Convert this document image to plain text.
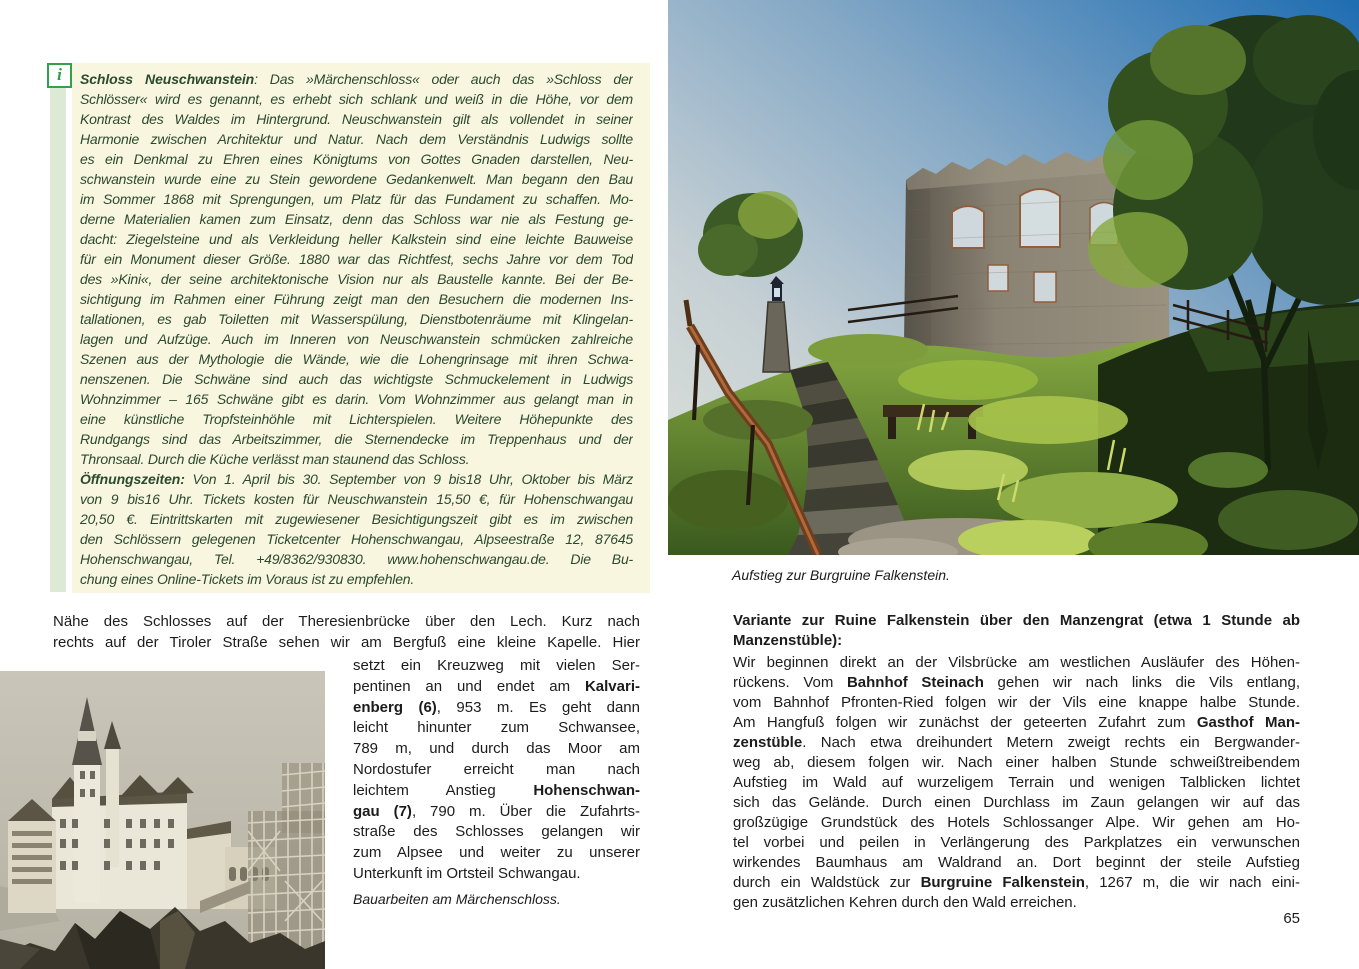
i	Schloss Neuschwanstein: Das »Märchenschloss« oder auch das »Schloss der
Schlösser« wird es genannt, es erhebt sich schlank und weiß in die Höhe, vor dem
Kontrast des Waldes im Hintergrund. Neuschwanstein gilt als vollendet in seiner
Harmonie zwischen Architektur und Natur. Nach dem Verständnis Ludwigs sollte
es ein Denkmal zu Ehren eines Königtums von Gottes Gnaden darstellen, Neu-
schwanstein wurde eine zu Stein gewordene Gedankenwelt. Man begann den Bau
im Sommer 1868 mit Sprengungen, um Platz für das Fundament zu schaffen. Mo-
derne Materialien kamen zum Einsatz, denn das Schloss war nie als Festung ge-
dacht: Ziegelsteine und als Verkleidung heller Kalkstein sind eine leichte Bauweise
für ein Monument dieser Größe. 1880 war das Richtfest, sechs Jahre vor dem Tod
des »Kini«, der seine architektonische Vision nur als Baustelle kannte. Bei der Be-
sichtigung im Rahmen einer Führung zeigt man den Besuchern die modernen Ins-
tallationen, es gab Toiletten mit Wasserspülung, Dienstbotenräume mit Klingelan-
lagen und Aufzüge. Auch im Inneren von Neuschwanstein schmücken zahlreiche
Szenen aus der Mythologie die Wände, wie die Lohengrinsage mit ihren Schwa-
nenszenen. Die Schwäne sind auch das wichtigste Schmuckelement in Ludwigs
Wohnzimmer – 165 Schwäne gibt es darin. Vom Wohnzimmer aus gelangt man in
eine künstliche Tropfsteinhöhle mit Lichterspielen. Weitere Höhepunkte des
Rundgangs sind das Arbeitszimmer, die Sternendecke im Treppenhaus und der
Thronsaal. Durch die Küche verlässt man staunend das Schloss.
Öffnungszeiten: Von 1. April bis 30. September von 9 bis18 Uhr, Oktober bis März
von 9 bis16 Uhr. Tickets kosten für Neuschwanstein 15,50 €, für Hohenschwangau
20,50 €. Eintrittskarten mit zugewiesener Besichtigungszeit gibt es im zwischen
den Schlössern gelegenen Ticketcenter Hohenschwangau, Alpseestraße 12, 87645
Hohenschwangau, Tel. +49/8362/930830. www.hohenschwangau.de. Die Bu-
chung eines Online-Tickets im Voraus ist zu empfehlen.
Nähe des Schlosses auf der Theresienbrücke über den Lech. Kurz nach
rechts auf der Tiroler Straße sehen wir am Bergfuß eine kleine Kapelle. Hier
setzt ein Kreuzweg mit vielen Ser-
pentinen an und endet am Kalvari-
enberg (6), 953 m. Es geht dann
leicht hinunter zum Schwansee,
789 m, und durch das Moor am
Nordostufer erreicht man nach
leichtem Anstieg Hohenschwan-
gau (7), 790 m. Über die Zufahrts-
straße des Schlosses gelangen wir
zum Alpsee und weiter zu unserer
Unterkunft im Ortsteil Schwangau.
Bauarbeiten am Märchenschloss.
Aufstieg zur Burgruine Falkenstein.
Variante zur Ruine Falkenstein über den Manzengrat (etwa 1 Stunde ab
Manzenstüble):
Wir beginnen direkt an der Vilsbrücke am westlichen Ausläufer des Höhen-
rückens. Vom Bahnhof Steinach gehen wir nach links die Vils entlang,
vom Bahnhof Pfronten-Ried folgen wir der Vils eine knappe halbe Stunde.
Am Hangfuß folgen wir zunächst der geteerten Zufahrt zum Gasthof Man-
zenstüble. Nach etwa dreihundert Metern zweigt rechts ein Bergwander-
weg ab, diesem folgen wir. Nach einer halben Stunde schweißtreibendem
Aufstieg im Wald auf wurzeligem Terrain und wenigen Talblicken lichtet
sich das Gelände. Durch einen Durchlass im Zaun gelangen wir auf das
großzügige Grundstück des Hotels Schlossanger Alpe. Wir gehen am Ho-
tel vorbei und peilen in Verlängerung des Parkplatzes ein verwunschen
wirkendes Baumhaus am Waldrand an. Dort beginnt der steile Aufstieg
durch ein Waldstück zur Burgruine Falkenstein, 1267 m, die wir nach eini-
gen zusätzlichen Kehren durch den Wald erreichen.
65
